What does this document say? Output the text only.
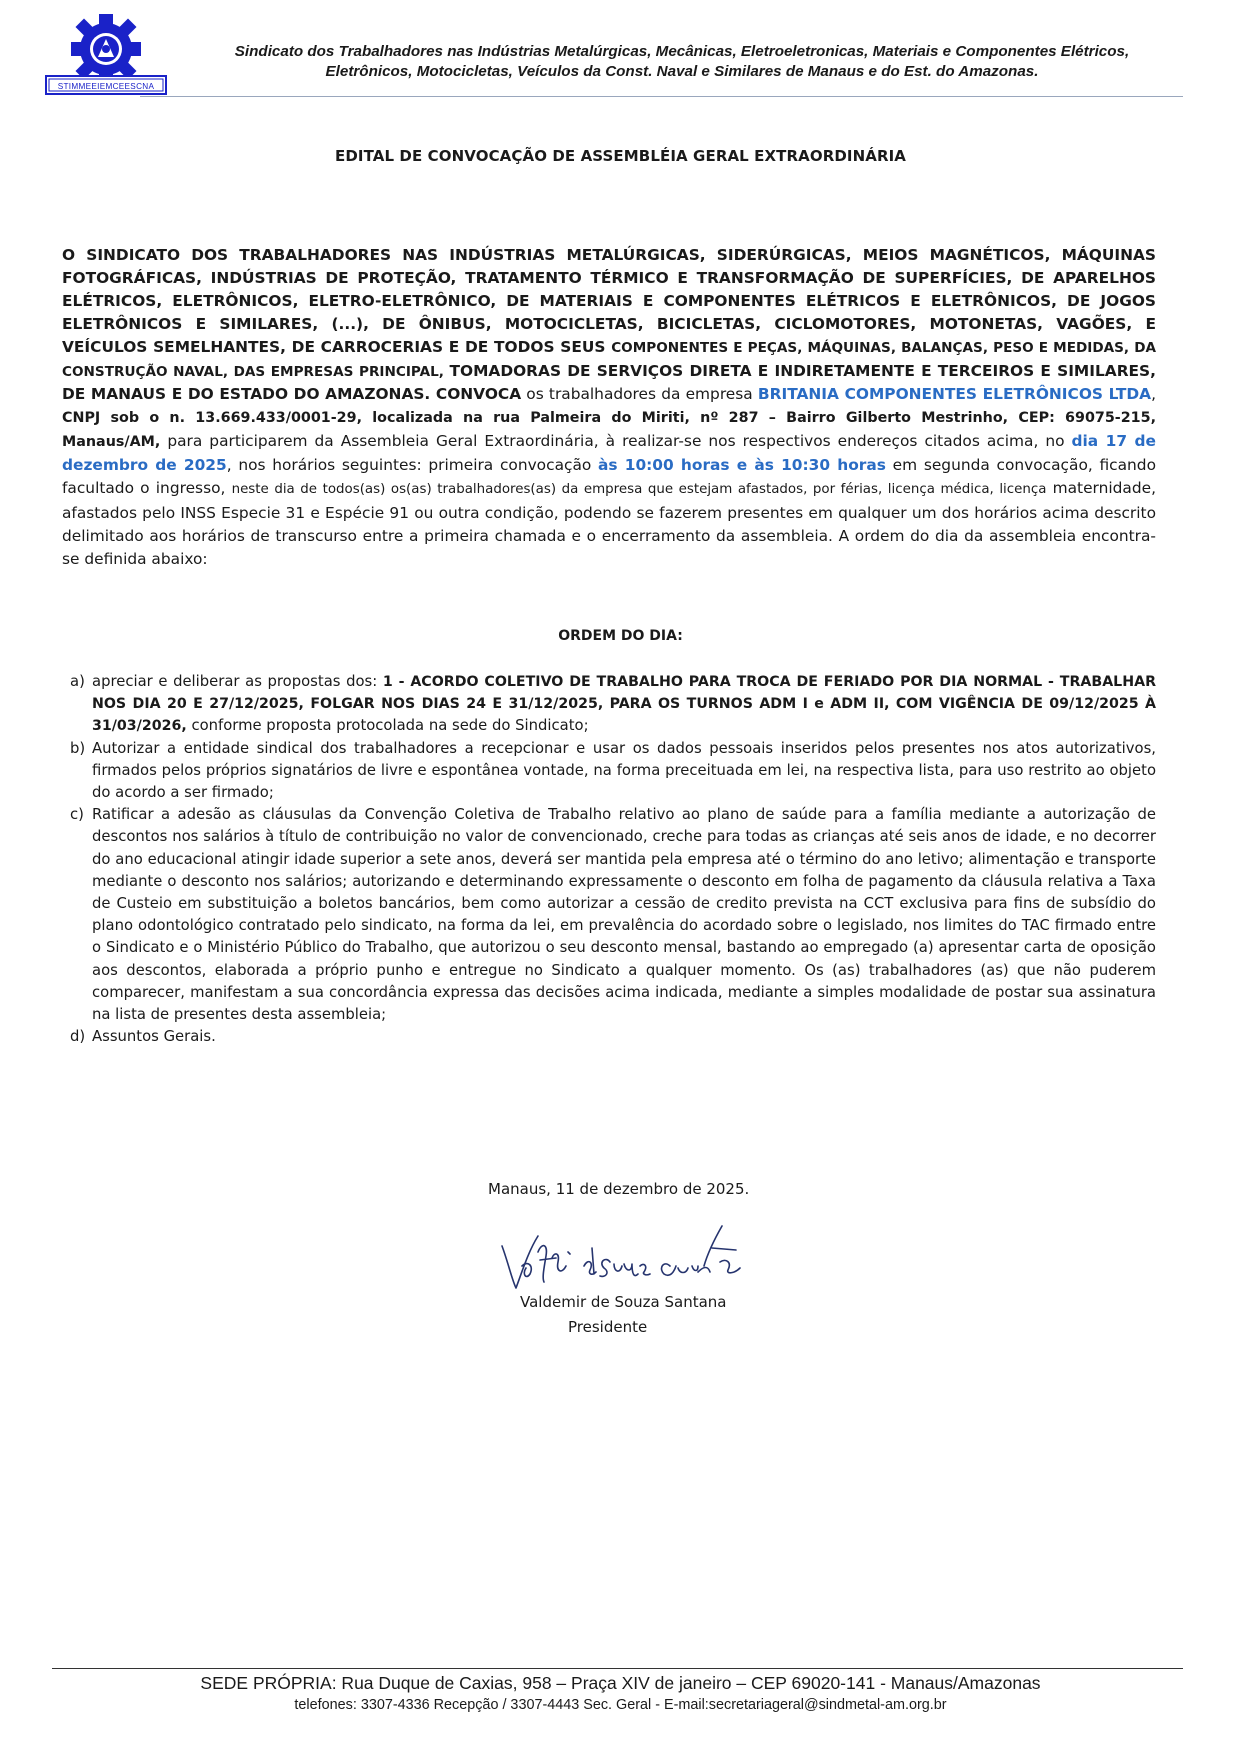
STIMMEEIEMCEESCNA
Sindicato dos Trabalhadores nas Indústrias Metalúrgicas, Mecânicas, Eletroeletronicas, Materiais e Componentes Elétricos,
Eletrônicos, Motocicletas, Veículos da Const. Naval e Similares de Manaus e do Est. do Amazonas.
EDITAL DE CONVOCAÇÃO DE ASSEMBLÉIA GERAL EXTRAORDINÁRIA
O SINDICATO DOS TRABALHADORES NAS INDÚSTRIAS METALÚRGICAS, SIDERÚRGICAS, MEIOS MAGNÉTICOS, MÁQUINAS FOTOGRÁFICAS, INDÚSTRIAS DE PROTEÇÃO, TRATAMENTO TÉRMICO E TRANSFORMAÇÃO DE SUPERFÍCIES, DE APARELHOS ELÉTRICOS, ELETRÔNICOS, ELETRO-ELETRÔNICO, DE MATERIAIS E COMPONENTES ELÉTRICOS E ELETRÔNICOS, DE JOGOS ELETRÔNICOS E SIMILARES, (...), DE ÔNIBUS, MOTOCICLETAS, BICICLETAS, CICLOMOTORES, MOTONETAS, VAGÕES, E VEÍCULOS SEMELHANTES, DE CARROCERIAS E DE TODOS SEUS COMPONENTES E PEÇAS, MÁQUINAS, BALANÇAS, PESO E MEDIDAS, DA CONSTRUÇÃO NAVAL, DAS EMPRESAS PRINCIPAL, TOMADORAS DE SERVIÇOS DIRETA E INDIRETAMENTE E TERCEIROS E SIMILARES, DE MANAUS E DO ESTADO DO AMAZONAS. CONVOCA os trabalhadores da empresa BRITANIA COMPONENTES ELETRÔNICOS LTDA, CNPJ sob o n. 13.669.433/0001-29, localizada na rua Palmeira do Miriti, nº 287 – Bairro Gilberto Mestrinho, CEP: 69075-215, Manaus/AM, para participarem da Assembleia Geral Extraordinária, à realizar-se nos respectivos endereços citados acima, no dia 17 de dezembro de 2025, nos horários seguintes: primeira convocação às 10:00 horas e às 10:30 horas em segunda convocação, ficando facultado o ingresso, neste dia de todos(as) os(as) trabalhadores(as) da empresa que estejam afastados, por férias, licença médica, licença maternidade, afastados pelo INSS Especie 31 e Espécie 91 ou outra condição, podendo se fazerem presentes em qualquer um dos horários acima descrito delimitado aos horários de transcurso entre a primeira chamada e o encerramento da assembleia. A ordem do dia da assembleia encontra-se definida abaixo:
ORDEM DO DIA:
a) apreciar e deliberar as propostas dos: 1 - ACORDO COLETIVO DE TRABALHO PARA TROCA DE FERIADO POR DIA NORMAL - TRABALHAR NOS DIA 20 E 27/12/2025, FOLGAR NOS DIAS 24 E 31/12/2025, PARA OS TURNOS ADM I e ADM II, COM VIGÊNCIA DE 09/12/2025 À 31/03/2026, conforme proposta protocolada na sede do Sindicato;
b) Autorizar a entidade sindical dos trabalhadores a recepcionar e usar os dados pessoais inseridos pelos presentes nos atos autorizativos, firmados pelos próprios signatários de livre e espontânea vontade, na forma preceituada em lei, na respectiva lista, para uso restrito ao objeto do acordo a ser firmado;
c) Ratificar a adesão as cláusulas da Convenção Coletiva de Trabalho relativo ao plano de saúde para a família mediante a autorização de descontos nos salários à título de contribuição no valor de convencionado, creche para todas as crianças até seis anos de idade, e no decorrer do ano educacional atingir idade superior a sete anos, deverá ser mantida pela empresa até o término do ano letivo; alimentação e transporte mediante o desconto nos salários; autorizando e determinando expressamente o desconto em folha de pagamento da cláusula relativa a Taxa de Custeio em substituição a boletos bancários, bem como autorizar a cessão de credito prevista na CCT exclusiva para fins de subsídio do plano odontológico contratado pelo sindicato, na forma da lei, em prevalência do acordado sobre o legislado, nos limites do TAC firmado entre o Sindicato e o Ministério Público do Trabalho, que autorizou o seu desconto mensal, bastando ao empregado (a) apresentar carta de oposição aos descontos, elaborada a próprio punho e entregue no Sindicato a qualquer momento. Os (as) trabalhadores (as) que não puderem comparecer, manifestam a sua concordância expressa das decisões acima indicada, mediante a simples modalidade de postar sua assinatura na lista de presentes desta assembleia;
d) Assuntos Gerais.
Manaus, 11 de dezembro de 2025.
Valdemir de Souza Santana
Presidente
SEDE PRÓPRIA: Rua Duque de Caxias, 958 – Praça XIV de janeiro – CEP 69020-141 - Manaus/Amazonas
telefones: 3307-4336 Recepção / 3307-4443 Sec. Geral - E-mail:secretariageral@sindmetal-am.org.br
